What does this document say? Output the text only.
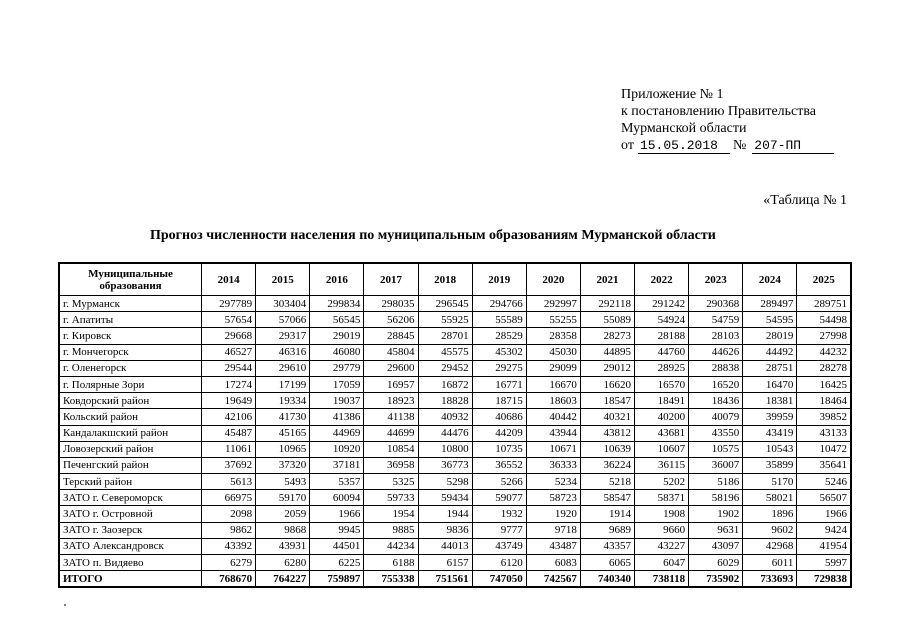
Приложение № 1
к постановлению Правительства
Мурманской области
от 15.05.2018	№ 207-ПП
«Таблица № 1
Прогноз численности населения по муниципальным образованиям Мурманской области
Муниципальные образования	2014	2015	2016	2017	2018	2019	2020	2021	2022	2023	2024	2025
г. Мурманск	297789	303404	299834	298035	296545	294766	292997	292118	291242	290368	289497	289751
г. Апатиты	57654	57066	56545	56206	55925	55589	55255	55089	54924	54759	54595	54498
г. Кировск	29668	29317	29019	28845	28701	28529	28358	28273	28188	28103	28019	27998
г. Мончегорск	46527	46316	46080	45804	45575	45302	45030	44895	44760	44626	44492	44232
г. Оленегорск	29544	29610	29779	29600	29452	29275	29099	29012	28925	28838	28751	28278
г. Полярные Зори	17274	17199	17059	16957	16872	16771	16670	16620	16570	16520	16470	16425
Ковдорский район	19649	19334	19037	18923	18828	18715	18603	18547	18491	18436	18381	18464
Кольский район	42106	41730	41386	41138	40932	40686	40442	40321	40200	40079	39959	39852
Кандалакшский район	45487	45165	44969	44699	44476	44209	43944	43812	43681	43550	43419	43133
Ловозерский район	11061	10965	10920	10854	10800	10735	10671	10639	10607	10575	10543	10472
Печенгский район	37692	37320	37181	36958	36773	36552	36333	36224	36115	36007	35899	35641
Терский район	5613	5493	5357	5325	5298	5266	5234	5218	5202	5186	5170	5246
ЗАТО г. Североморск	66975	59170	60094	59733	59434	59077	58723	58547	58371	58196	58021	56507
ЗАТО г. Островной	2098	2059	1966	1954	1944	1932	1920	1914	1908	1902	1896	1966
ЗАТО г. Заозерск	9862	9868	9945	9885	9836	9777	9718	9689	9660	9631	9602	9424
ЗАТО Александровск	43392	43931	44501	44234	44013	43749	43487	43357	43227	43097	42968	41954
ЗАТО п. Видяево	6279	6280	6225	6188	6157	6120	6083	6065	6047	6029	6011	5997
ИТОГО	768670	764227	759897	755338	751561	747050	742567	740340	738118	735902	733693	729838
